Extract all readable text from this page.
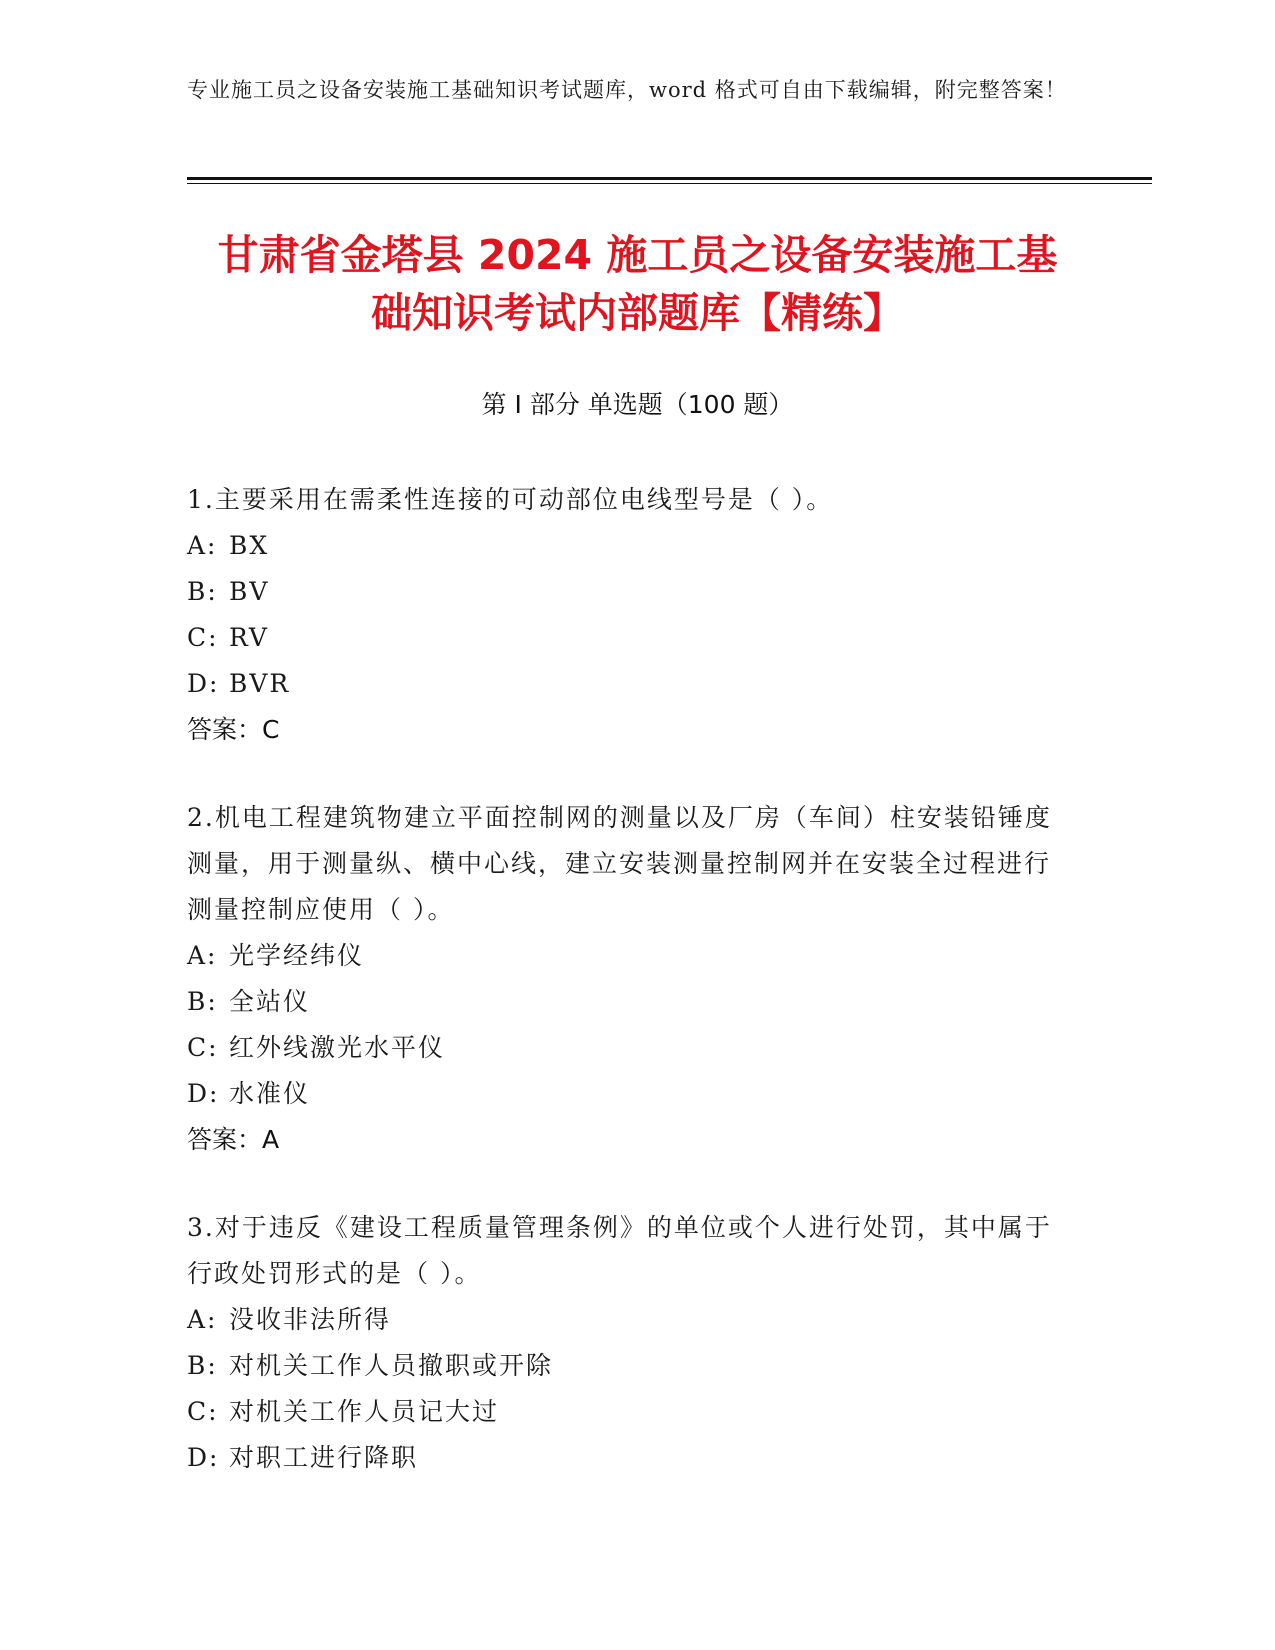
专业施工员之设备安装施工基础知识考试题库，word 格式可自由下载编辑，附完整答案！
甘肃省金塔县 2024 施工员之设备安装施工基
础知识考试内部题库【精练】
第 I 部分 单选题（100 题）
1.主要采用在需柔性连接的可动部位电线型号是（ ）。
A: BX
B: BV
C: RV
D: BVR
答案：C
2.机电工程建筑物建立平面控制网的测量以及厂房（车间）柱安装铅锤度测量，用于测量纵、横中心线，建立安装测量控制网并在安装全过程进行测量控制应使用（ ）。
A: 光学经纬仪
B: 全站仪
C: 红外线激光水平仪
D: 水准仪
答案：A
3.对于违反《建设工程质量管理条例》的单位或个人进行处罚，其中属于行政处罚形式的是（ ）。
A: 没收非法所得
B: 对机关工作人员撤职或开除
C: 对机关工作人员记大过
D: 对职工进行降职
